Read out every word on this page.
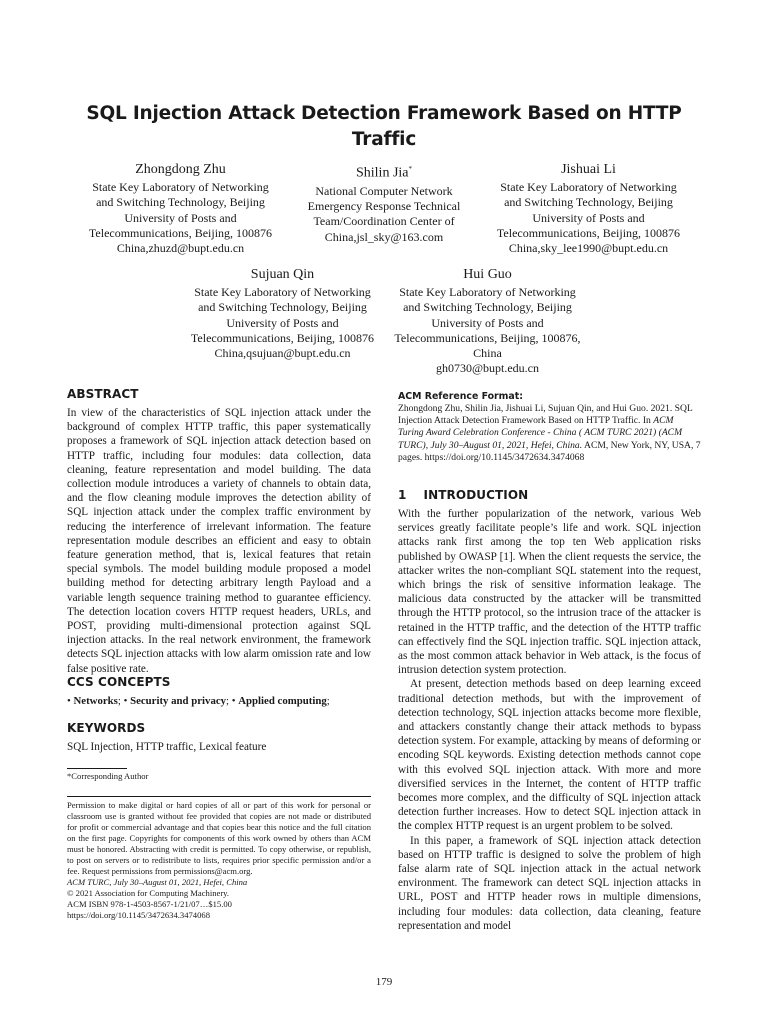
SQL Injection Attack Detection Framework Based on HTTP Traffic
Zhongdong Zhu
State Key Laboratory of Networking
and Switching Technology, Beijing
University of Posts and
Telecommunications, Beijing, 100876
China,zhuzd@bupt.edu.cn
Shilin Jia*
National Computer Network
Emergency Response Technical
Team/Coordination Center of
China,jsl_sky@163.com
Jishuai Li
State Key Laboratory of Networking
and Switching Technology, Beijing
University of Posts and
Telecommunications, Beijing, 100876
China,sky_lee1990@bupt.edu.cn
Sujuan Qin
State Key Laboratory of Networking
and Switching Technology, Beijing
University of Posts and
Telecommunications, Beijing, 100876
China,qsujuan@bupt.edu.cn
Hui Guo
State Key Laboratory of Networking
and Switching Technology, Beijing
University of Posts and
Telecommunications, Beijing, 100876,
China
gh0730@bupt.edu.cn
ABSTRACT
In view of the characteristics of SQL injection attack under the background of complex HTTP traffic, this paper systematically proposes a framework of SQL injection attack detection based on HTTP traffic, including four modules: data collection, data cleaning, feature representation and model building. The data collection module introduces a variety of channels to obtain data, and the flow cleaning module improves the detection ability of SQL injection attack under the complex traffic environment by reducing the interference of irrelevant information. The feature representation module describes an efficient and easy to obtain feature generation method, that is, lexical features that retain special symbols. The model building module proposed a model building method for detecting arbitrary length Payload and a variable length sequence training method to guarantee efficiency. The detection location covers HTTP request headers, URLs, and POST, providing multi-dimensional protection against SQL injection attacks. In the real network environment, the framework detects SQL injection attacks with low alarm omission rate and low false positive rate.
CCS CONCEPTS
• Networks; • Security and privacy; • Applied computing;
KEYWORDS
SQL Injection, HTTP traffic, Lexical feature
*Corresponding Author
Permission to make digital or hard copies of all or part of this work for personal or classroom use is granted without fee provided that copies are not made or distributed for profit or commercial advantage and that copies bear this notice and the full citation on the first page. Copyrights for components of this work owned by others than ACM must be honored. Abstracting with credit is permitted. To copy otherwise, or republish, to post on servers or to redistribute to lists, requires prior specific permission and/or a fee. Request permissions from permissions@acm.org.
ACM TURC, July 30–August 01, 2021, Hefei, China
© 2021 Association for Computing Machinery.
ACM ISBN 978-1-4503-8567-1/21/07…$15.00
https://doi.org/10.1145/3472634.3474068
ACM Reference Format:
Zhongdong Zhu, Shilin Jia, Jishuai Li, Sujuan Qin, and Hui Guo. 2021. SQL Injection Attack Detection Framework Based on HTTP Traffic. In ACM Turing Award Celebration Conference - China ( ACM TURC 2021) (ACM TURC), July 30–August 01, 2021, Hefei, China. ACM, New York, NY, USA, 7 pages. https://doi.org/10.1145/3472634.3474068
1    INTRODUCTION

With the further popularization of the network, various Web services greatly facilitate people’s life and work. SQL injection attacks rank first among the top ten Web application risks published by OWASP [1]. When the client requests the service, the attacker writes the non-compliant SQL statement into the request, which brings the risk of sensitive information leakage. The malicious data constructed by the attacker will be transmitted through the HTTP protocol, so the intrusion trace of the attacker is retained in the HTTP traffic, and the detection of the HTTP traffic can effectively find the SQL injection traffic. SQL injection attack, as the most common attack behavior in Web attack, is the focus of intrusion detection system protection.

At present, detection methods based on deep learning exceed traditional detection methods, but with the improvement of detection technology, SQL injection attacks become more flexible, and attackers constantly change their attack methods to bypass detection system. For example, attacking by means of deforming or encoding SQL keywords. Existing detection methods cannot cope with this evolved SQL injection attack. With more and more diversified services in the Internet, the content of HTTP traffic becomes more complex, and the difficulty of SQL injection attack detection further increases. How to detect SQL injection attack in the complex HTTP request is an urgent problem to be solved.

In this paper, a framework of SQL injection attack detection based on HTTP traffic is designed to solve the problem of high false alarm rate of SQL injection attack in the actual network environment. The framework can detect SQL injection attacks in URL, POST and HTTP header rows in multiple dimensions, including four modules: data collection, data cleaning, feature representation and model

179
